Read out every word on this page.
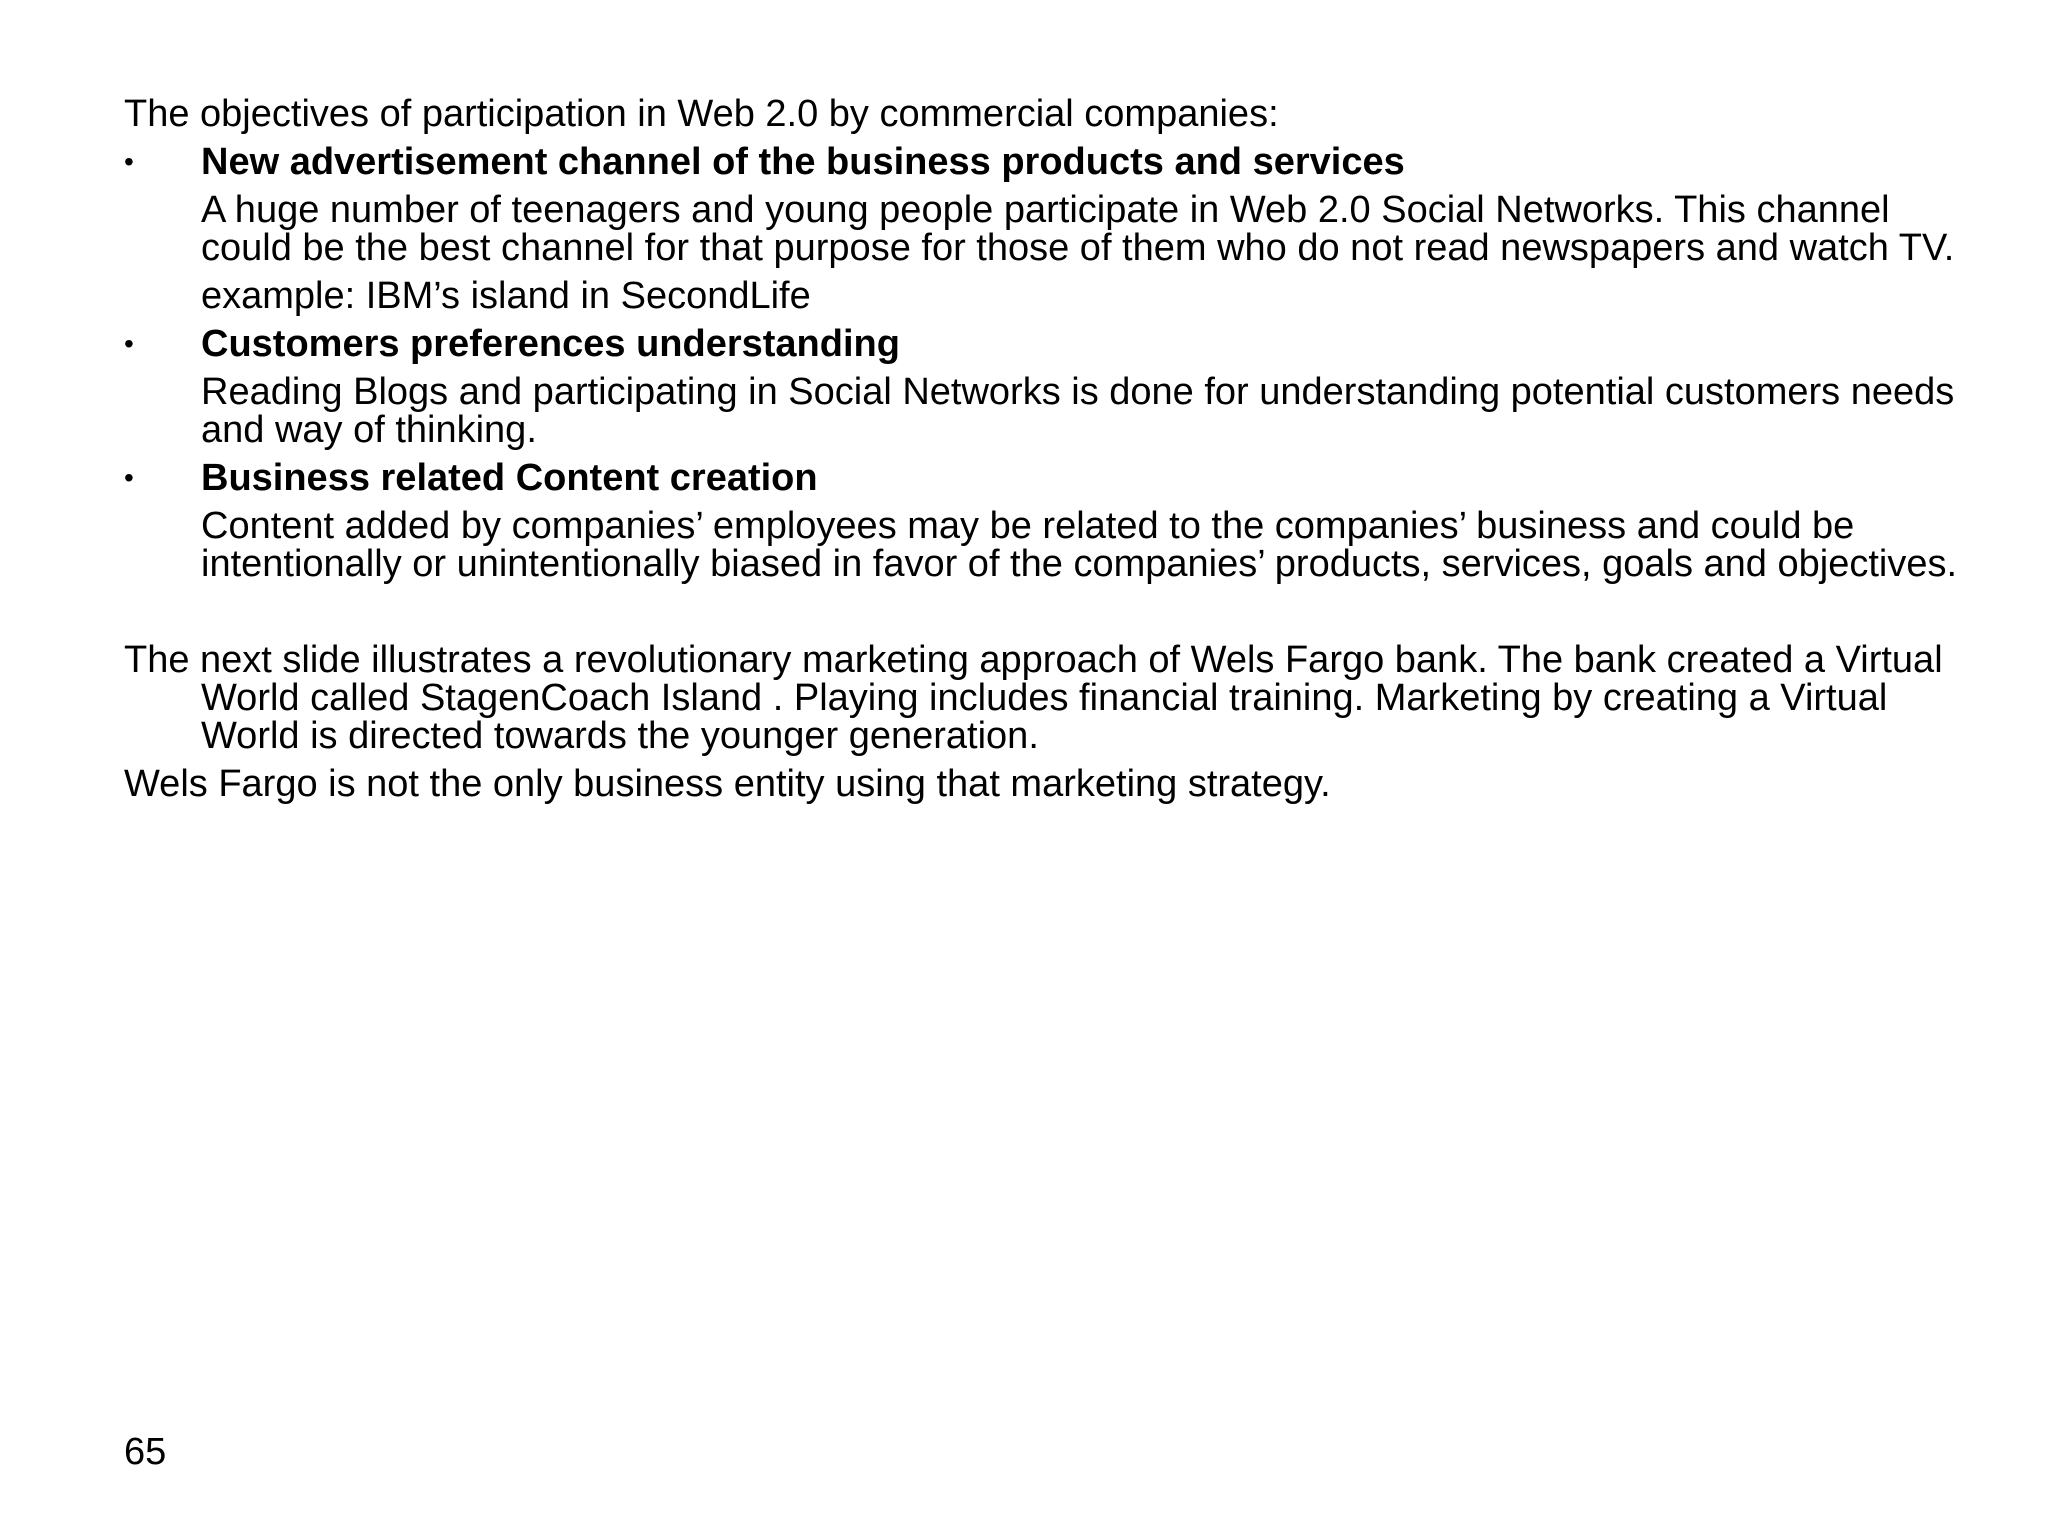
The objectives of participation in Web 2.0 by commercial companies:

• New advertisement channel of the business products and services

A huge number of teenagers and young people participate in Web 2.0 Social Networks. This channel could be the best channel for that purpose for those of them who do not read newspapers and watch TV.

example: IBM’s island in SecondLife

• Customers preferences understanding

Reading Blogs and participating in Social Networks is done for understanding potential customers needs and way of thinking.

• Business related Content creation

Content added by companies’ employees may be related to the companies’ business and could be intentionally or unintentionally biased in favor of the companies’ products, services, goals and objectives.

The next slide illustrates a revolutionary marketing approach of Wels Fargo bank. The bank created a Virtual World called StagenCoach Island . Playing includes financial training. Marketing by creating a Virtual World is directed towards the younger generation.

Wels Fargo is not the only business entity using that marketing strategy.

65
